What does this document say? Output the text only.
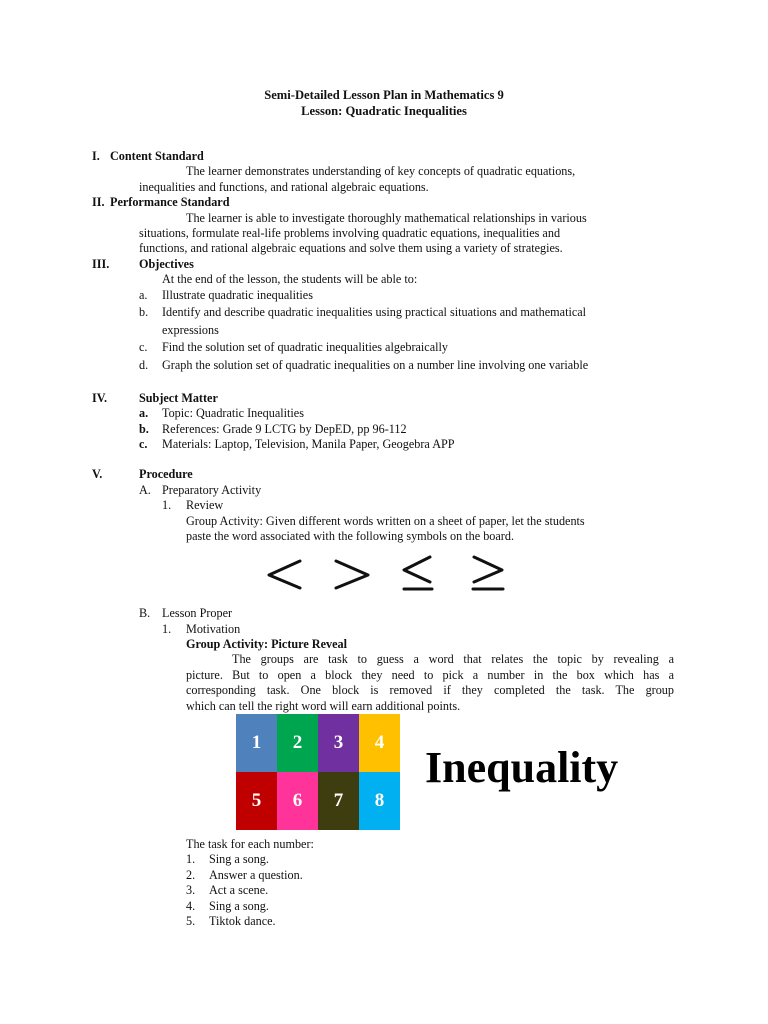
Semi-Detailed Lesson Plan in Mathematics 9
Lesson: Quadratic Inequalities
I. Content Standard
The learner demonstrates understanding of key concepts of quadratic equations,
inequalities and functions, and rational algebraic equations.
II. Performance Standard
The learner is able to investigate thoroughly mathematical relationships in various
situations, formulate real-life problems involving quadratic equations, inequalities and
functions, and rational algebraic equations and solve them using a variety of strategies.
III. Objectives
At the end of the lesson, the students will be able to:
a. Illustrate quadratic inequalities
b. Identify and describe quadratic inequalities using practical situations and mathematical
expressions
c. Find the solution set of quadratic inequalities algebraically
d. Graph the solution set of quadratic inequalities on a number line involving one variable
IV.	Subject Matter
a. Topic: Quadratic Inequalities
b. References: Grade 9 LCTG by DepED, pp 96-112
c. Materials: Laptop, Television, Manila Paper, Geogebra APP
V.	Procedure
A. Preparatory Activity
1. Review
Group Activity: Given different words written on a sheet of paper, let the students
paste the word associated with the following symbols on the board.
B. Lesson Proper
1. Motivation
Group Activity: Picture Reveal
The groups are task to guess a word that relates the topic by revealing a
picture. But to open a block they need to pick a number in the box which has a
corresponding task. One block is removed if they completed the task. The group
which can tell the right word will earn additional points.
1	2	3	4
5	6	7	8
Inequality
The task for each number:
1. Sing a song.
2. Answer a question.
3. Act a scene.
4. Sing a song.
5. Tiktok dance.
